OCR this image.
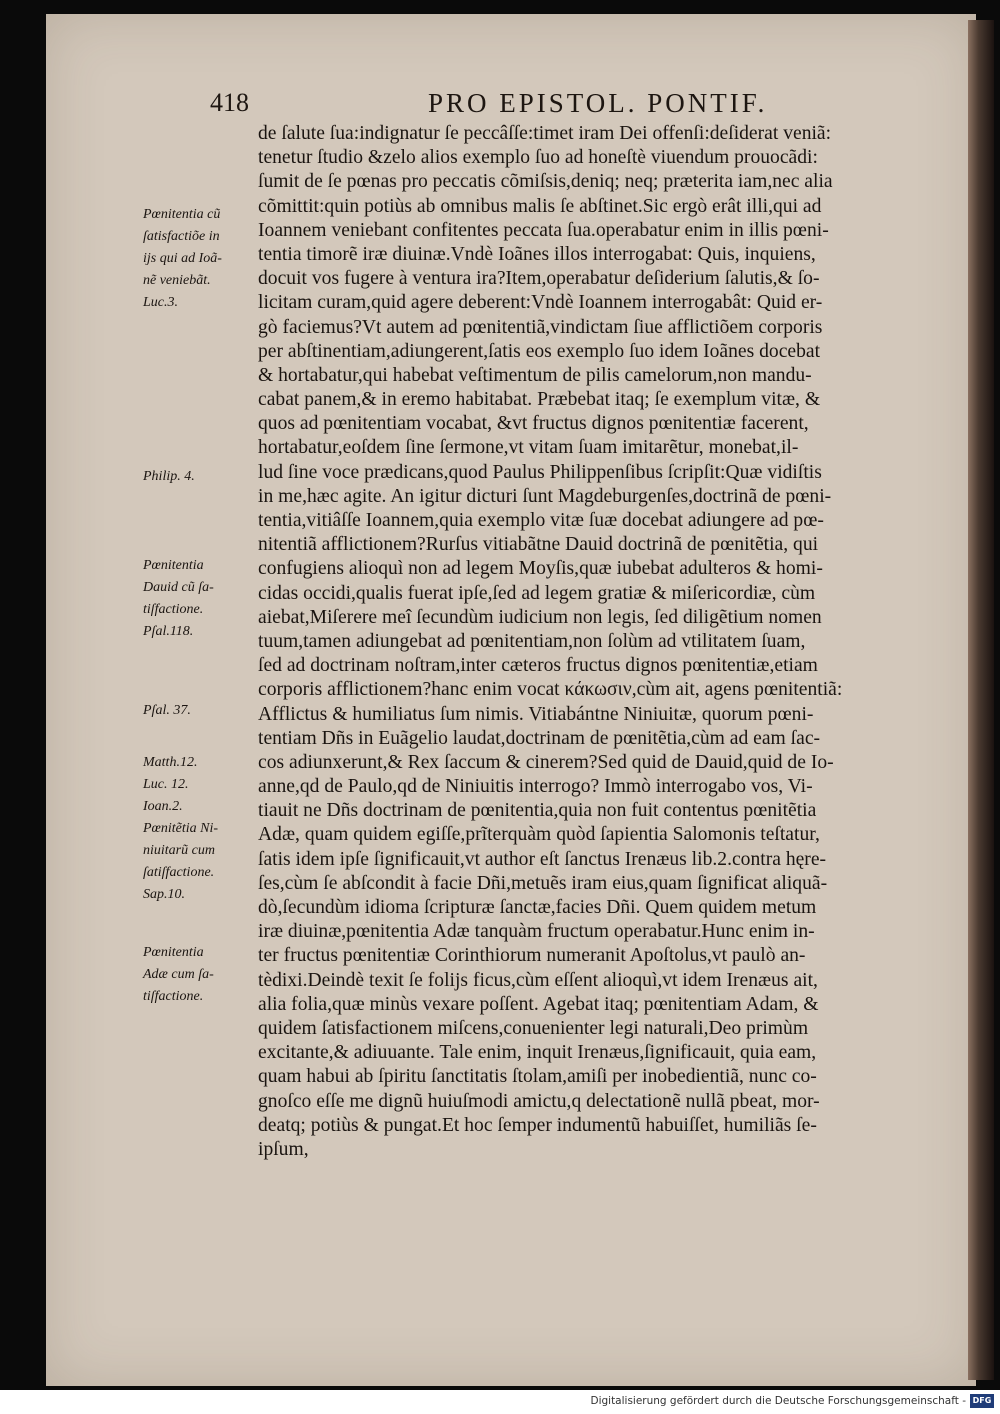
418	PRO EPISTOL. PONTIF.
de ſalute ſua:indignatur ſe peccâſſe:timet iram Dei offenſi:deſiderat veniã:
tenetur ſtudio &zelo alios exemplo ſuo ad honeſtè viuendum prouocãdi:
ſumit de ſe pœnas pro peccatis cõmiſsis,deniq; neq; præterita iam,nec alia
cõmittit:quin potiùs ab omnibus malis ſe abſtinet.Sic ergò erât illi,qui ad
Ioannem veniebant confitentes peccata ſua.operabatur enim in illis pœni-
tentia timorẽ iræ diuinæ.Vndè Ioãnes illos interrogabat: Quis, inquiens,
docuit vos fugere à ventura ira?Item,operabatur deſiderium ſalutis,& ſo-
licitam curam,quid agere deberent:Vndè Ioannem interrogabât: Quid er-
gò faciemus?Vt autem ad pœnitentiã,vindictam ſiue afflictiõem corporis
per abſtinentiam,adiungerent,ſatis eos exemplo ſuo idem Ioãnes docebat
& hortabatur,qui habebat veſtimentum de pilis camelorum,non mandu-
cabat panem,& in eremo habitabat. Præbebat itaq; ſe exemplum vitæ, &
quos ad pœnitentiam vocabat, &vt fructus dignos pœnitentiæ facerent,
hortabatur,eoſdem ſine ſermone,vt vitam ſuam imitarẽtur, monebat,il-
lud ſine voce prædicans,quod Paulus Philippenſibus ſcripſit:Quæ vidiſtis
in me,hæc agite. An igitur dicturi ſunt Magdeburgenſes,doctrinã de pœni-
tentia,vitiâſſe Ioannem,quia exemplo vitæ ſuæ docebat adiungere ad pœ-
nitentiã afflictionem?Rurſus vitiabãtne Dauid doctrinã de pœnitẽtia, qui
confugiens alioquì non ad legem Moyſis,quæ iubebat adulteros & homi-
cidas occidi,qualis fuerat ipſe,ſed ad legem gratiæ & miſericordiæ, cùm
aiebat,Miſerere meî ſecundùm iudicium non legis, ſed diligẽtium nomen
tuum,tamen adiungebat ad pœnitentiam,non ſolùm ad vtilitatem ſuam,
ſed ad doctrinam noſtram,inter cæteros fructus dignos pœnitentiæ,etiam
corporis afflictionem?hanc enim vocat κάκωσιν,cùm ait, agens pœnitentiã:
Afflictus & humiliatus ſum nimis. Vitiabántne Niniuitæ, quorum pœni-
tentiam Dñs in Euãgelio laudat,doctrinam de pœnitẽtia,cùm ad eam ſac-
cos adiunxerunt,& Rex ſaccum & cinerem?Sed quid de Dauid,quid de Io-
anne,qd de Paulo,qd de Niniuitis interrogo? Immò interrogabo vos, Vi-
tiauit ne Dñs doctrinam de pœnitentia,quia non fuit contentus pœnitẽtia
Adæ, quam quidem egiſſe,prĩterquàm quòd ſapientia Salomonis teſtatur,
ſatis idem ipſe ſignificauit,vt author eſt ſanctus Irenæus lib.2.contra hęre-
ſes,cùm ſe abſcondit à facie Dñi,metuẽs iram eius,quam ſignificat aliquã-
dò,ſecundùm idioma ſcripturæ ſanctæ,facies Dñi. Quem quidem metum
iræ diuinæ,pœnitentia Adæ tanquàm fructum operabatur.Hunc enim in-
ter fructus pœnitentiæ Corinthiorum numeranit Apoſtolus,vt paulò an-
tèdixi.Deindè texit ſe folijs ficus,cùm eſſent alioquì,vt idem Irenæus ait,
alia folia,quæ minùs vexare poſſent. Agebat itaq; pœnitentiam Adam, &
quidem ſatisfactionem miſcens,conuenienter legi naturali,Deo primùm
excitante,& adiuuante. Tale enim, inquit Irenæus,ſignificauit, quia eam,
quam habui ab ſpiritu ſanctitatis ſtolam,amiſi per inobedientiã, nunc co-
gnoſco eſſe me dignũ huiuſmodi amictu,q delectationẽ nullã pbeat, mor-
deatq; potiùs & pungat.Et hoc ſemper indumentũ habuiſſet, humiliãs ſe-
ipſum,
Pœnitentia cũ
ſatisfactiõe in
ijs qui ad Ioã-
nẽ veniebãt.
Luc.3.
Philip. 4.
Pœnitentia
Dauid cũ ſa-
tiſfactione.
Pſal.118.
Pſal. 37.
Matth.12.
Luc. 12.
Ioan.2.
Pœnitẽtia Ni-
niuitarũ cum
ſatiſfactione.
Sap.10.
Pœnitentia
Adæ cum ſa-
tiſfactione.
Digitalisierung gefördert durch die Deutsche Forschungsgemeinschaft - DFG
